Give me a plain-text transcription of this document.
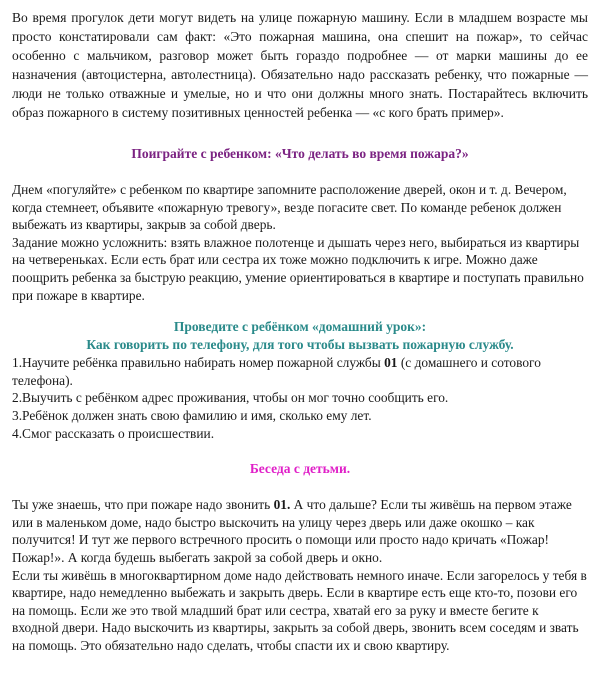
Во время прогулок дети могут видеть на улице пожарную машину. Если в младшем возрасте мы просто констатировали сам факт: «Это пожарная машина, она спешит на пожар», то сейчас особенно с мальчиком, разговор может быть гораздо подробнее — от марки машины до ее назначения (автоцистерна, автолестница). Обязательно надо рассказать ребенку, что пожарные — люди не только отважные и умелые, но и что они должны много знать. Постарайтесь включить образ пожарного в систему позитивных ценностей ребенка — «с кого брать пример».

Поиграйте с ребенком: «Что делать во время пожара?»

Днем «погуляйте» с ребенком по квартире запомните расположение дверей, окон и т. д. Вечером, когда стемнеет, объявите «пожарную тревогу», везде погасите свет. По команде ребенок должен выбежать из квартиры, закрыв за собой дверь.

Задание можно усложнить: взять влажное полотенце и дышать через него, выбираться из квартиры на четвереньках. Если есть брат или сестра их тоже можно подключить к игре. Можно даже поощрить ребенка за быструю реакцию, умение ориентироваться в квартире и поступать правильно при пожаре в квартире.

Проведите с ребёнком «домашний урок»:

Как говорить по телефону, для того чтобы вызвать пожарную службу.

1.Научите ребёнка правильно набирать номер пожарной службы 01 (с домашнего и сотового телефона).
2.Выучить с ребёнком адрес проживания, чтобы он мог точно сообщить его.
3.Ребёнок должен знать свою фамилию и имя, сколько ему лет.
4.Смог рассказать о происшествии.

Беседа с детьми.

Ты уже знаешь, что при пожаре надо звонить 01. А что дальше? Если ты живёшь на первом этаже или в маленьком доме, надо быстро выскочить на улицу через дверь или даже окошко – как получится! И тут же первого встречного просить о помощи или просто надо кричать «Пожар! Пожар!». А когда будешь выбегать закрой за собой дверь и окно.

Если ты живёшь в многоквартирном доме надо действовать немного иначе. Если загорелось у тебя в квартире, надо немедленно выбежать и закрыть дверь. Если в квартире есть еще кто-то, позови его на помощь. Если же это твой младший брат или сестра, хватай его за руку и вместе бегите к входной двери. Надо выскочить из квартиры, закрыть за собой дверь, звонить всем соседям и звать на помощь. Это обязательно надо сделать, чтобы спасти их и свою квартиру.
